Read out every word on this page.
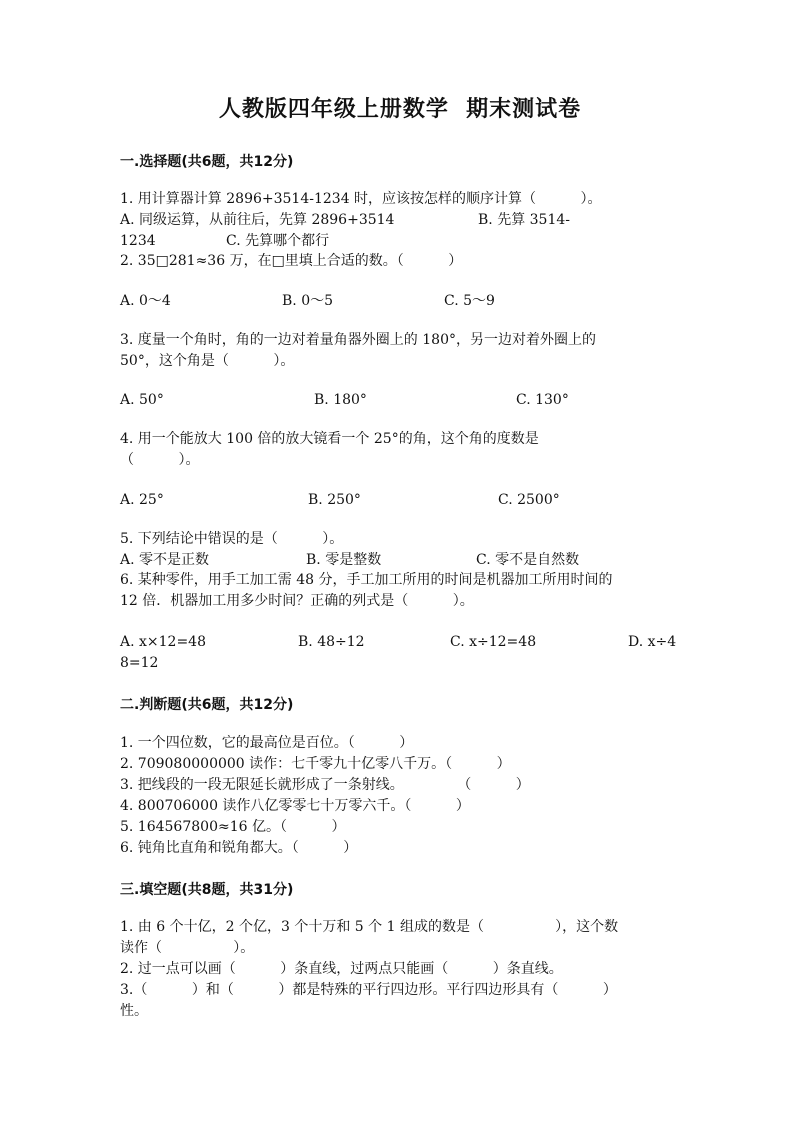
人教版四年级上册数学  期末测试卷
一.选择题(共6题，共12分)
1. 用计算器计算 2896+3514-1234 时，应该按怎样的顺序计算（          ）。
A. 同级运算，从前往后，先算 2896+3514	B. 先算 3514-
1234	C. 先算哪个都行
2. 35□281≈36 万，在□里填上合适的数。（          ）
A. 0～4	B. 0～5	C. 5～9
3. 度量一个角时，角的一边对着量角器外圈上的 180°，另一边对着外圈上的
50°，这个角是（          ）。
A. 50°	B. 180°	C. 130°
4. 用一个能放大 100 倍的放大镜看一个 25°的角，这个角的度数是
（          ）。
A. 25°	B. 250°	C. 2500°
5. 下列结论中错误的是（          ）。
A. 零不是正数	B. 零是整数	C. 零不是自然数
6. 某种零件，用手工加工需 48 分，手工加工所用的时间是机器加工所用时间的
12 倍．机器加工用多少时间？正确的列式是（          ）。
A. x×12=48	B. 48÷12	C. x÷12=48	D. x÷4
8=12
二.判断题(共6题，共12分)
1. 一个四位数，它的最高位是百位。（          ）
2. 709080000000 读作：七千零九十亿零八千万。（          ）
3. 把线段的一段无限延长就形成了一条射线。            （          ）
4. 800706000 读作八亿零零七十万零六千。（          ）
5. 164567800≈16 亿。（          ）
6. 钝角比直角和锐角都大。（          ）
三.填空题(共8题，共31分)
1. 由 6 个十亿，2 个亿，3 个十万和 5 个 1 组成的数是（                ），这个数
读作（                ）。
2. 过一点可以画（          ）条直线，过两点只能画（          ）条直线。
3.（          ）和（          ）都是特殊的平行四边形。平行四边形具有（          ）
性。
